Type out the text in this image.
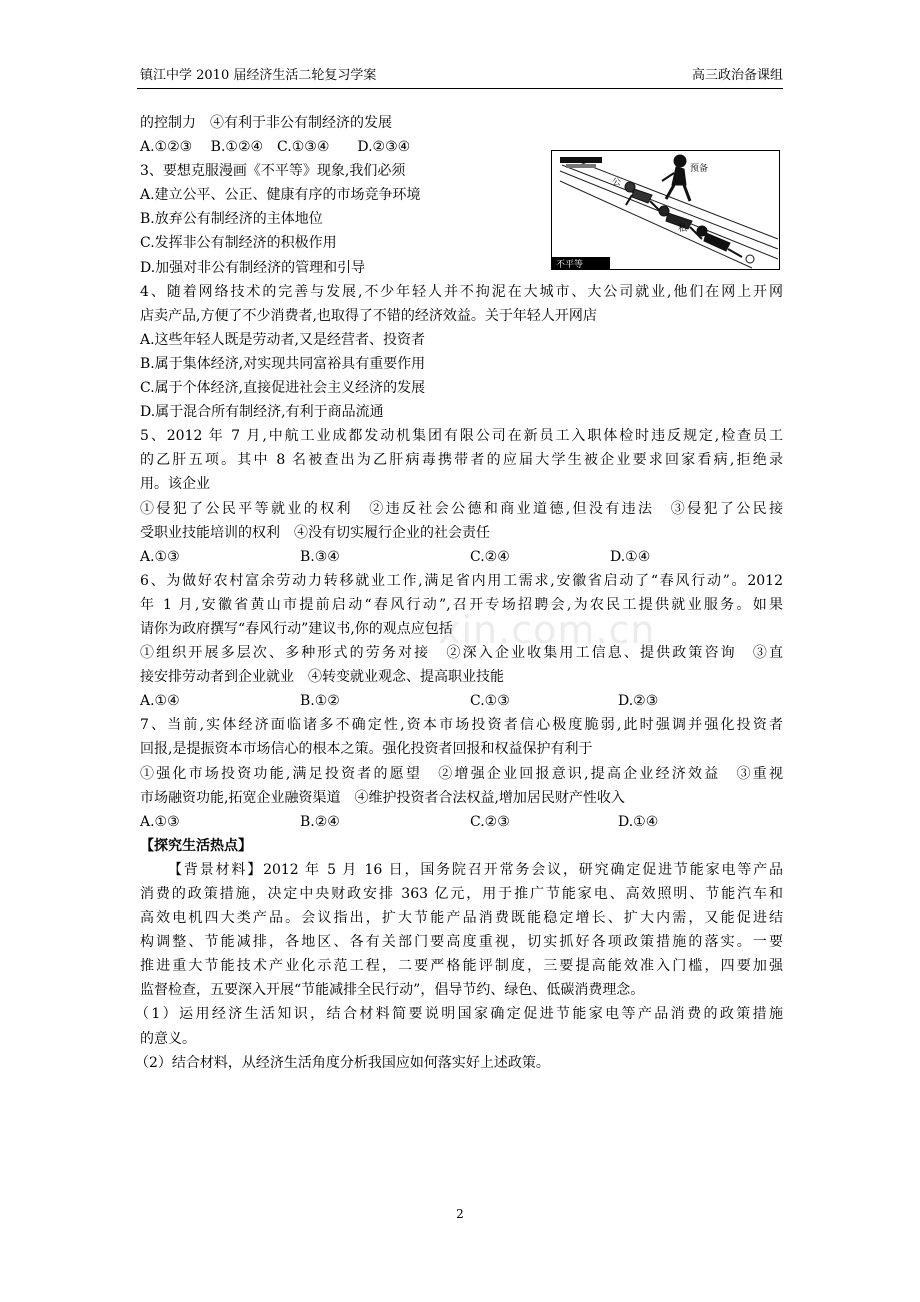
镇江中学 2010 届经济生活二轮复习学案	高三政治备课组
xin.com.cn
预备
公
私
不平等
的控制力　④有利于非公有制经济的发展
A.①②③　 B.①②④　C.①③④　　D.②③④
3、要想克服漫画《不平等》现象,我们必须
A.建立公平、公正、健康有序的市场竞争环境
B.放弃公有制经济的主体地位
C.发挥非公有制经济的积极作用
D.加强对非公有制经济的管理和引导
4、随着网络技术的完善与发展,不少年轻人并不拘泥在大城市、大公司就业,他们在网上开网
店卖产品,方便了不少消费者,也取得了不错的经济效益。关于年轻人开网店
A.这些年轻人既是劳动者,又是经营者、投资者
B.属于集体经济,对实现共同富裕具有重要作用
C.属于个体经济,直接促进社会主义经济的发展
D.属于混合所有制经济,有利于商品流通
5、2012 年 7 月,中航工业成都发动机集团有限公司在新员工入职体检时违反规定,检查员工
的乙肝五项。其中 8 名被查出为乙肝病毒携带者的应届大学生被企业要求回家看病,拒绝录
用。该企业
①侵犯了公民平等就业的权利　②违反社会公德和商业道德,但没有违法　③侵犯了公民接
受职业技能培训的权利　④没有切实履行企业的社会责任
A.①③	B.③④	C.②④	D.①④
6、为做好农村富余劳动力转移就业工作,满足省内用工需求,安徽省启动了“春风行动”。2012
年 1 月,安徽省黄山市提前启动“春风行动”,召开专场招聘会,为农民工提供就业服务。如果
请你为政府撰写“春风行动”建议书,你的观点应包括
①组织开展多层次、多种形式的劳务对接　②深入企业收集用工信息、提供政策咨询　③直
接安排劳动者到企业就业　④转变就业观念、提高职业技能
A.①④	B.①②	C.①③	D.②③
7、当前,实体经济面临诸多不确定性,资本市场投资者信心极度脆弱,此时强调并强化投资者
回报,是提振资本市场信心的根本之策。强化投资者回报和权益保护有利于
①强化市场投资功能,满足投资者的愿望　②增强企业回报意识,提高企业经济效益　③重视
市场融资功能,拓宽企业融资渠道　④维护投资者合法权益,增加居民财产性收入
A.①③	B.②④	C.②③	D.①④
【探究生活热点】
【背景材料】2012 年 5 月 16 日，国务院召开常务会议，研究确定促进节能家电等产品
消费的政策措施，决定中央财政安排 363 亿元，用于推广节能家电、高效照明、节能汽车和
高效电机四大类产品。会议指出，扩大节能产品消费既能稳定增长、扩大内需，又能促进结
构调整、节能减排，各地区、各有关部门要高度重视，切实抓好各项政策措施的落实。一要
推进重大节能技术产业化示范工程，二要严格能评制度，三要提高能效准入门槛，四要加强
监督检查，五要深入开展“节能减排全民行动”，倡导节约、绿色、低碳消费理念。
（1）运用经济生活知识，结合材料简要说明国家确定促进节能家电等产品消费的政策措施
的意义。
（2）结合材料，从经济生活角度分析我国应如何落实好上述政策。
2
